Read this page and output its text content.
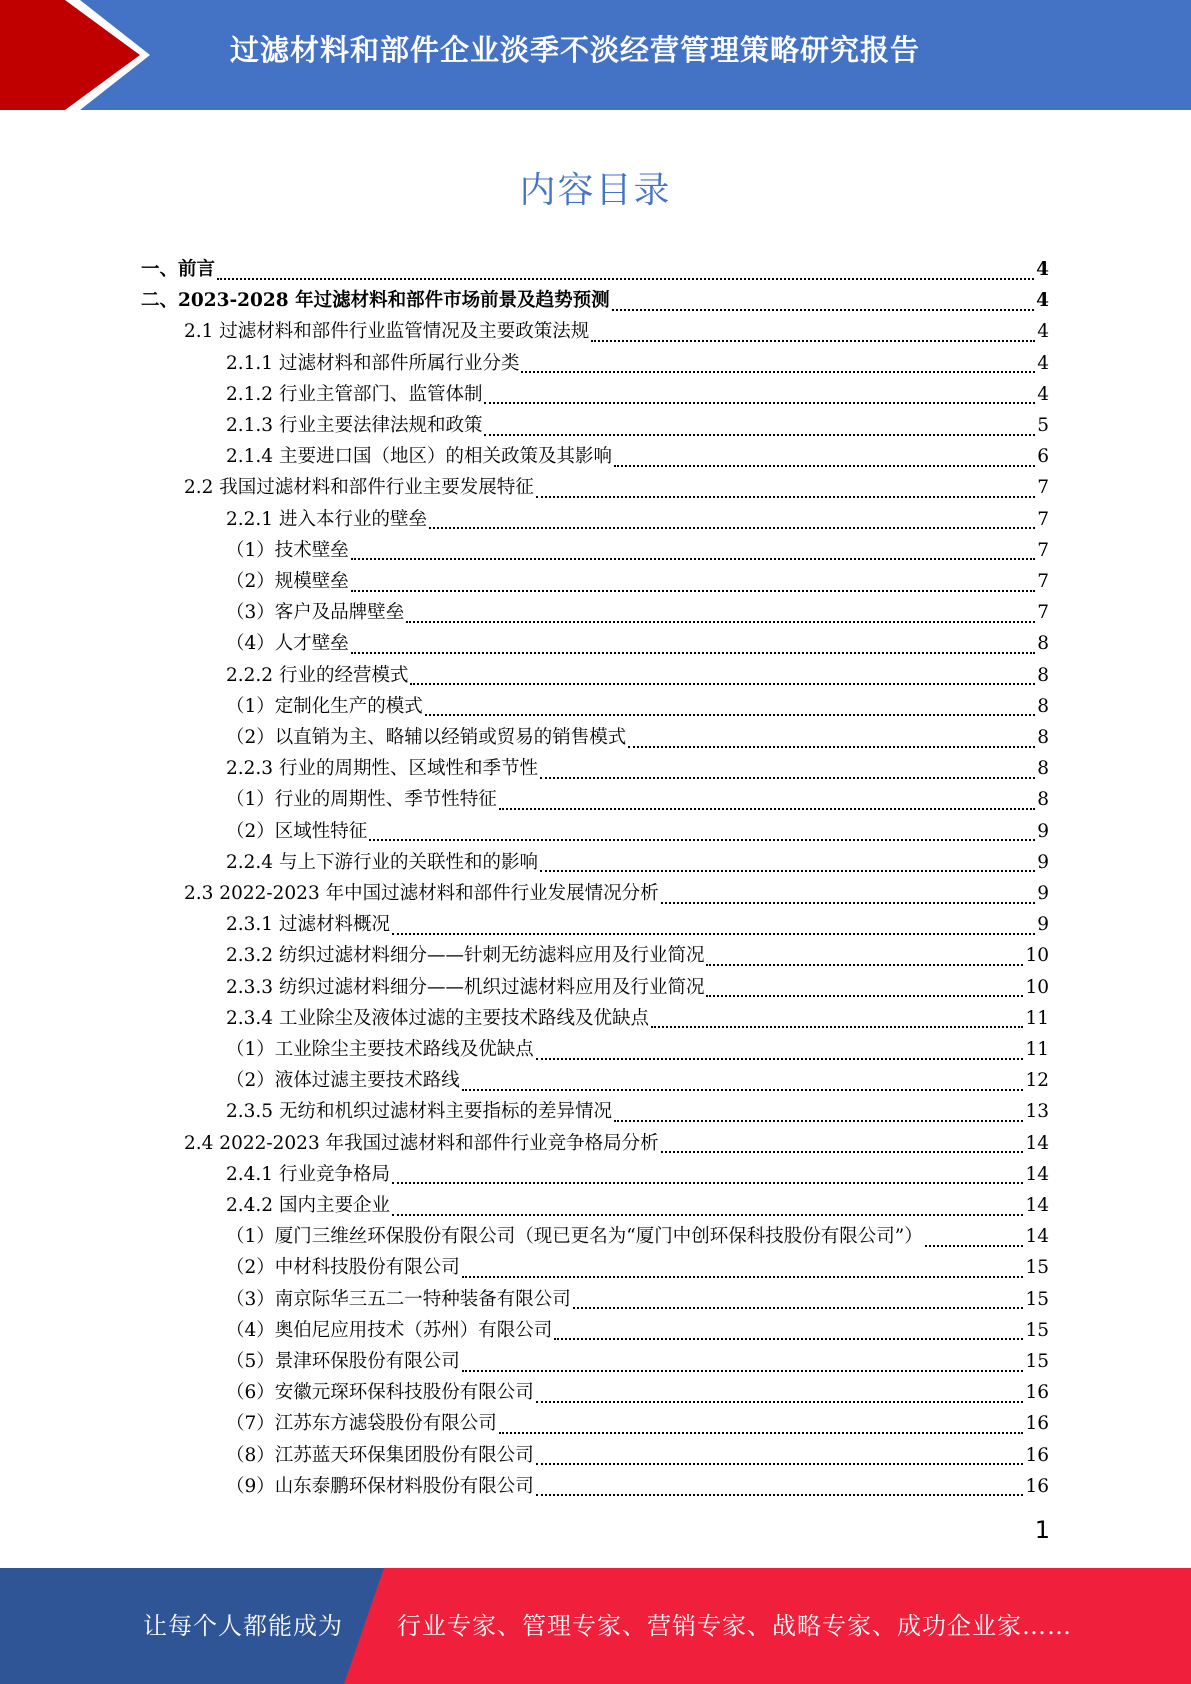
过滤材料和部件企业淡季不淡经营管理策略研究报告
内容目录
一、前言	4
二、2023-2028 年过滤材料和部件市场前景及趋势预测	4
2.1 过滤材料和部件行业监管情况及主要政策法规	4
2.1.1 过滤材料和部件所属行业分类	4
2.1.2 行业主管部门、监管体制	4
2.1.3 行业主要法律法规和政策	5
2.1.4 主要进口国（地区）的相关政策及其影响	6
2.2 我国过滤材料和部件行业主要发展特征	7
2.2.1 进入本行业的壁垒	7
（1）技术壁垒	7
（2）规模壁垒	7
（3）客户及品牌壁垒	7
（4）人才壁垒	8
2.2.2 行业的经营模式	8
（1）定制化生产的模式	8
（2）以直销为主、略辅以经销或贸易的销售模式	8
2.2.3 行业的周期性、区域性和季节性	8
（1）行业的周期性、季节性特征	8
（2）区域性特征	9
2.2.4 与上下游行业的关联性和的影响	9
2.3 2022-2023 年中国过滤材料和部件行业发展情况分析	9
2.3.1 过滤材料概况	9
2.3.2 纺织过滤材料细分——针刺无纺滤料应用及行业简况	10
2.3.3 纺织过滤材料细分——机织过滤材料应用及行业简况	10
2.3.4 工业除尘及液体过滤的主要技术路线及优缺点	11
（1）工业除尘主要技术路线及优缺点	11
（2）液体过滤主要技术路线	12
2.3.5 无纺和机织过滤材料主要指标的差异情况	13
2.4 2022-2023 年我国过滤材料和部件行业竞争格局分析	14
2.4.1 行业竞争格局	14
2.4.2 国内主要企业	14
（1）厦门三维丝环保股份有限公司（现已更名为“厦门中创环保科技股份有限公司”）	14
（2）中材科技股份有限公司	15
（3）南京际华三五二一特种装备有限公司	15
（4）奥伯尼应用技术（苏州）有限公司	15
（5）景津环保股份有限公司	15
（6）安徽元琛环保科技股份有限公司	16
（7）江苏东方滤袋股份有限公司	16
（8）江苏蓝天环保集团股份有限公司	16
（9）山东泰鹏环保材料股份有限公司	16
1
让每个人都能成为 行业专家、管理专家、营销专家、战略专家、成功企业家……
